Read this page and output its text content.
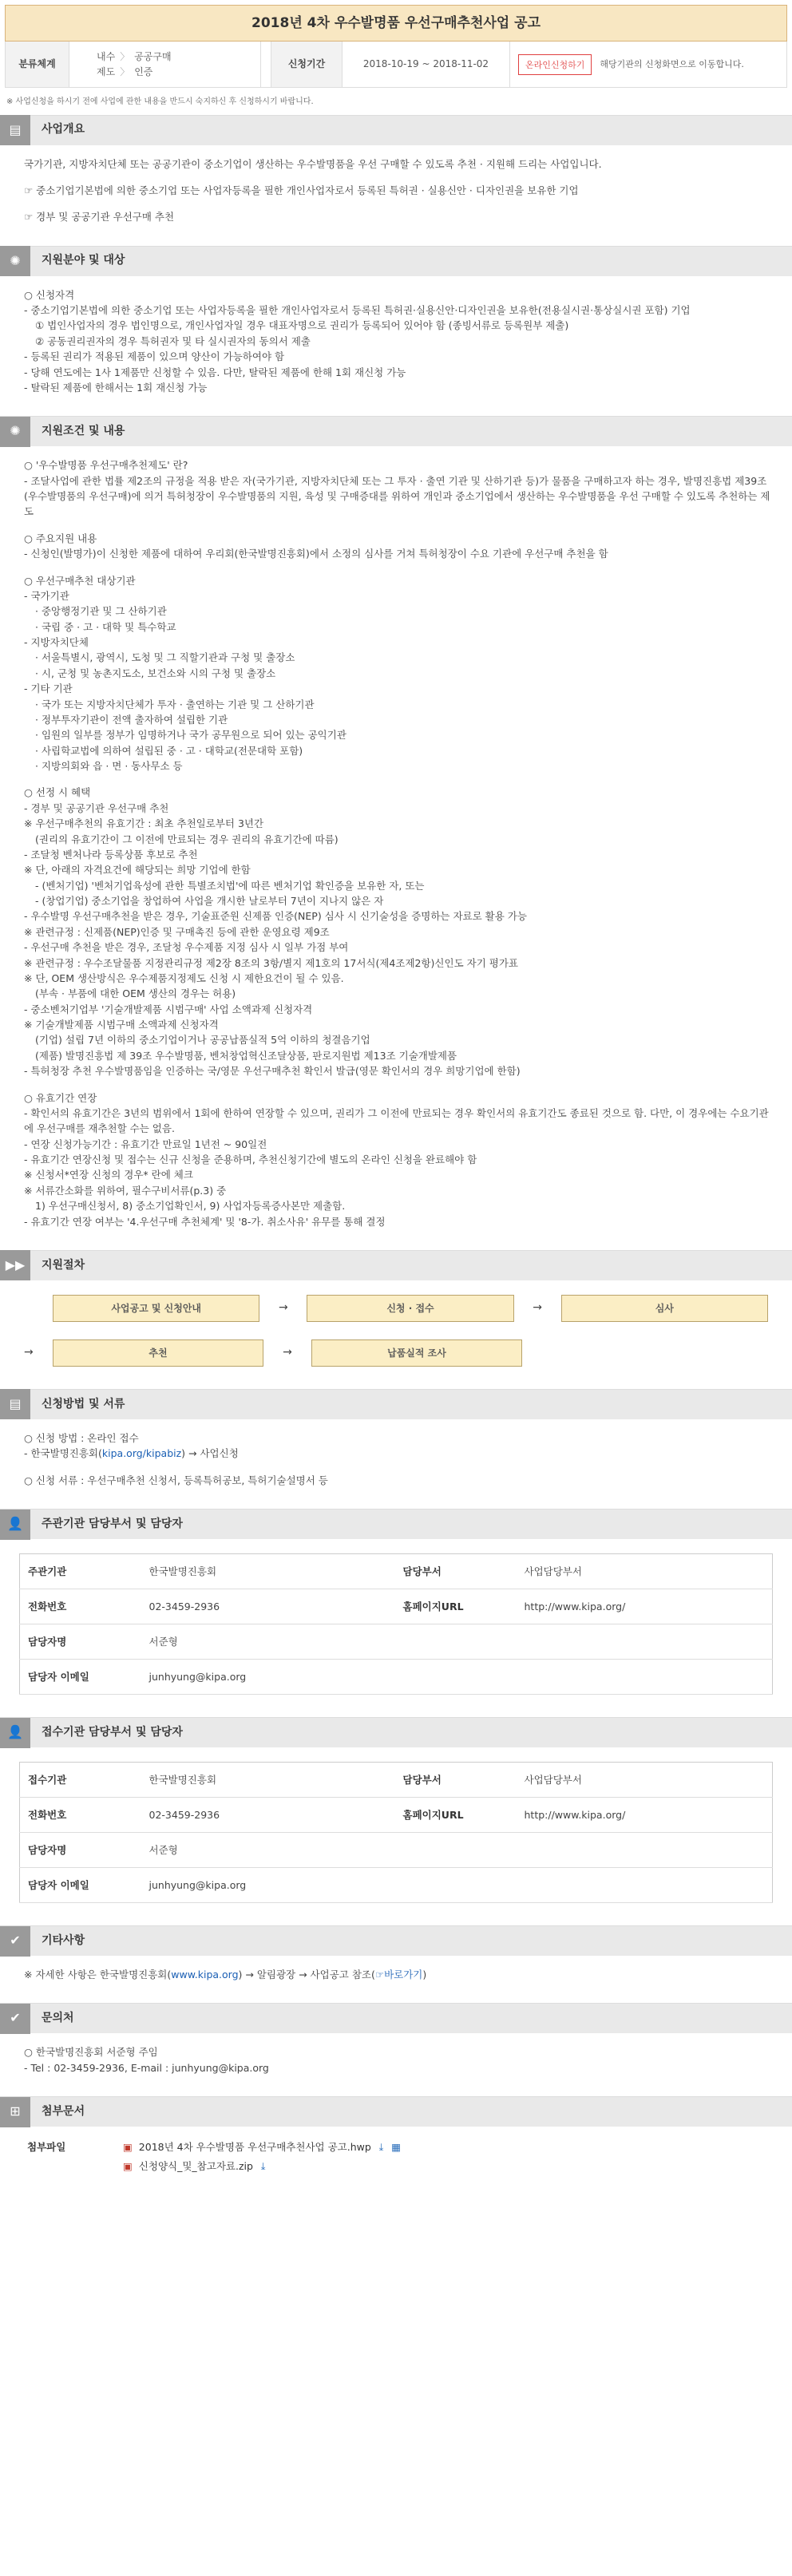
2018년 4차 우수발명품 우선구매추천사업 공고
분류체계
내수 〉 공공구매
제도 〉 인증
신청기간	2018-10-19 ~ 2018-11-02	온라인신청하기	해당기관의 신청화면으로 이동합니다.
※ 사업신청을 하시기 전에 사업에 관한 내용을 반드시 숙지하신 후 신청하시기 바랍니다.
▤	사업개요

국가기관, 지방자치단체 또는 공공기관이 중소기업이 생산하는 우수발명품을 우선 구매할 수 있도록 추천 · 지원해 드리는 사업입니다.

☞ 중소기업기본법에 의한 중소기업 또는 사업자등록을 필한 개인사업자로서 등록된 특허권 · 실용신안 · 디자인권을 보유한 기업

☞ 경부 및 공공기관 우선구매 추천

✺	지원분야 및 대상

○ 신청자격

- 중소기업기본법에 의한 중소기업 또는 사업자등록을 필한 개인사업자로서 등록된 특허권·실용신안·디자인권을 보유한(전용실시권·통상실시권 포함) 기업

① 법인사업자의 경우 법인명으로, 개인사업자일 경우 대표자명으로 권리가 등록되어 있어야 함 (종빙서류로 등록원부 제출)

② 공동권리권자의 경우 특허권자 및 타 실시권자의 동의서 제출

- 등록된 권리가 적용된 제품이 있으며 양산이 가능하여야 함

- 당해 연도에는 1사 1제품만 신청할 수 있음. 다만, 탈락된 제품에 한해 1회 재신청 가능

- 탈락된 제품에 한해서는 1회 재신청 가능

✺	지원조건 및 내용

○ '우수발명품 우선구매추천제도' 란?

- 조달사업에 관한 법률 제2조의 규정을 적용 받은 자(국가기관, 지방자치단체 또는 그 투자 · 출연 기관 및 산하기관 등)가 물품을 구매하고자 하는 경우, 발명진흥법 제39조(우수발명품의 우선구매)에 의거 특허청장이 우수발명품의 지원, 육성 및 구매증대를 위하여 개인과 중소기업에서 생산하는 우수발명품을 우선 구매할 수 있도록 추천하는 제도

○ 주요지원 내용

- 신청인(발명가)이 신청한 제품에 대하여 우리회(한국발명진흥회)에서 소정의 심사를 거쳐 특허청장이 수요 기관에 우선구매 추천을 함

○ 우선구매추천 대상기관

- 국가기관

· 중앙행정기관 및 그 산하기관

· 국립 중 · 고 · 대학 및 특수학교

- 지방자치단체

· 서울특별시, 광역시, 도청 및 그 직할기관과 구청 및 출장소

· 시, 군청 및 농촌지도소, 보건소와 시의 구청 및 출장소

- 기타 기관

· 국가 또는 지방자치단체가 투자 · 출연하는 기관 및 그 산하기관

· 정부투자기관이 전액 출자하여 설립한 기관

· 임원의 일부를 정부가 임명하거나 국가 공무원으로 되어 있는 공익기관

· 사립학교법에 의하여 설립된 중 · 고 · 대학교(전문대학 포함)

· 지방의회와 읍 · 면 · 동사무소 등

○ 선정 시 혜택

- 경부 및 공공기관 우선구매 추천

※ 우선구매추천의 유효기간 : 최초 추천일로부터 3년간

(권리의 유효기간이 그 이전에 만료되는 경우 권리의 유효기간에 따름)

- 조달청 벤처나라 등록상품 후보로 추천

※ 단, 아래의 자격요건에 해당되는 희망 기업에 한함

- (벤처기업) '벤처기업육성에 관한 특별조치법'에 따른 벤처기업 확인증을 보유한 자, 또는

- (창업기업) 중소기업을 창업하여 사업을 개시한 날로부터 7년이 지나지 않은 자

- 우수발명 우선구매추천을 받은 경우, 기술표준원 신제품 인증(NEP) 심사 시 신기술성을 증명하는 자료로 활용 가능

※ 관련규정 : 신제품(NEP)인증 및 구매촉진 등에 관한 운영요령 제9조

- 우선구매 추천을 받은 경우, 조달청 우수제품 지정 심사 시 일부 가점 부여

※ 관련규정 : 우수조달물품 지정관리규정 제2장 8조의 3항/별지 제1호의 17서식(제4조제2항)신인도 자기 평가표

※ 단, OEM 생산방식은 우수제품지정제도 신청 시 제한요건이 될 수 있음.

(부속 · 부품에 대한 OEM 생산의 경우는 허용)

- 중소벤처기업부 '기술개발제품 시범구매' 사업 소액과제 신청자격

※ 기술개발제품 시범구매 소액과제 신청자격

(기업) 설립 7년 이하의 중소기업이거나 공공납품실적 5억 이하의 청결음기업

(제품) 발명진흥법 제 39조 우수발명품, 벤처창업혁신조달상품, 판로지원법 제13조 기술개발제품

- 특허청장 추천 우수발명품임을 인증하는 국/영문 우선구매추천 확인서 발급(영문 확인서의 경우 희망기업에 한함)

○ 유효기간 연장

- 확인서의 유효기간은 3년의 범위에서 1회에 한하여 연장할 수 있으며, 권리가 그 이전에 만료되는 경우 확인서의 유효기간도 종료된 것으로 함. 다만, 이 경우에는 수요기관에 우선구매를 재추천할 수는 없음.

- 연장 신청가능기간 : 유효기간 만료일 1년전 ~ 90일전

- 유효기간 연장신청 및 접수는 신규 신청을 준용하며, 추천신청기간에 별도의 온라인 신청을 완료해야 함

※ 신청서*연장 신청의 경우* 란에 체크

※ 서류간소화를 위하여, 필수구비서류(p.3) 중

1) 우선구매신청서, 8) 중소기업확인서, 9) 사업자등록증사본만 제출함.

- 유효기간 연장 여부는 '4.우선구매 추천체계' 및 '8-가. 취소사유' 유무를 통해 결정

▶▶	지원절차
사업공고 및 신청안내	→	신청 · 접수	→	심사
→	추천	→	납품실적 조사
▤	신청방법 및 서류

○ 신청 방법 : 온라인 접수

- 한국발명진흥회(kipa.org/kipabiz) → 사업신청

○ 신청 서류 : 우선구매추천 신청서, 등록특허공보, 특허기술설명서 등

👤	주관기관 담당부서 및 담당자
주관기관	한국발명진흥회	담당부서	사업담당부서
전화번호	02-3459-2936	홈페이지URL	http://www.kipa.org/
담당자명	서준형		
담당자 이메일	junhyung@kipa.org		
👤	접수기관 담당부서 및 담당자
접수기관	한국발명진흥회	담당부서	사업담당부서
전화번호	02-3459-2936	홈페이지URL	http://www.kipa.org/
담당자명	서준형		
담당자 이메일	junhyung@kipa.org		
✔	기타사항

※ 자세한 사항은 한국발명진흥회(www.kipa.org) → 알림광장 → 사업공고 참조(☞바로가기)

✔	문의처

○ 한국발명진흥회 서준형 주임

- Tel : 02-3459-2936, E-mail : junhyung@kipa.org

⊞	첨부문서
첨부파일	▣ 2018년 4차 우수발명품 우선구매추천사업 공고.hwp ⤓ ▦
▣ 신청양식_및_참고자료.zip ⤓
